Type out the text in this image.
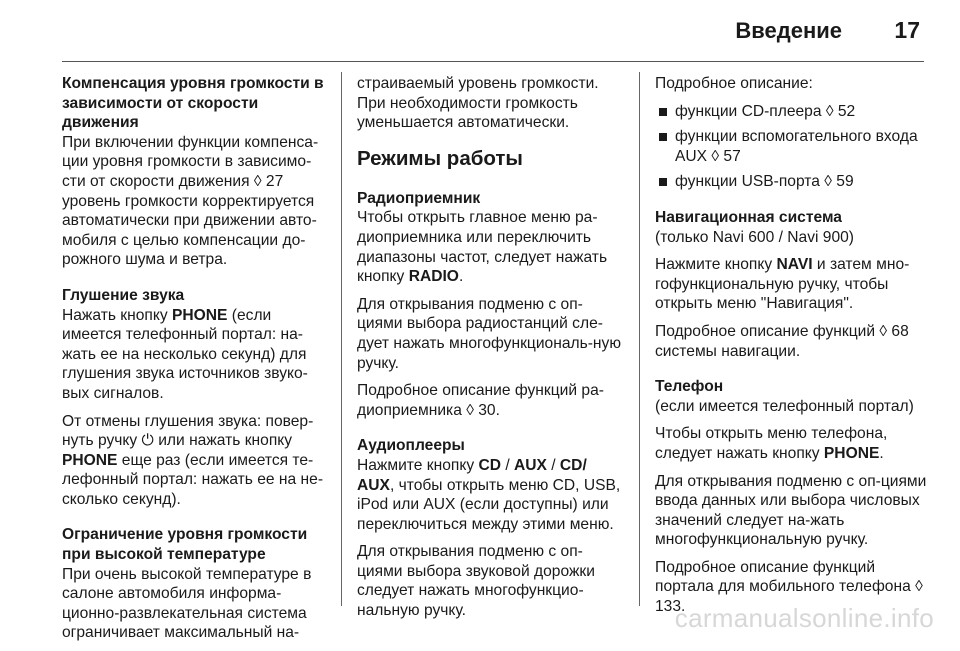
Введение 17
Компенсация уровня громкости в зависимости от скорости движения

При включении функции компенса-ции уровня громкости в зависимо-сти от скорости движения ◊ 27 уровень громкости корректируется автоматически при движении авто-мобиля с целью компенсации до-рожного шума и ветра.

Глушение звука

Нажать кнопку PHONE (если имеется телефонный портал: на-жать ее на несколько секунд) для глушения звука источников звуко-вых сигналов.

От отмены глушения звука: повер-нуть ручку ⏻ или нажать кнопку PHONE еще раз (если имеется те-лефонный портал: нажать ее на не-сколько секунд).

Ограничение уровня громкости при высокой температуре

При очень высокой температуре в салоне автомобиля информа-ционно-развлекательная система ограничивает максимальный на-

страиваемый уровень громкости. При необходимости громкость уменьшается автоматически.

Режимы работы
Радиоприемник

Чтобы открыть главное меню ра-диоприемника или переключить диапазоны частот, следует нажать кнопку RADIO.

Для открывания подменю с оп-циями выбора радиостанций сле-дует нажать многофункциональ-ную ручку.

Подробное описание функций ра-диоприемника ◊ 30.

Аудиоплееры

Нажмите кнопку CD / AUX / CD/ AUX, чтобы открыть меню CD, USB, iPod или AUX (если доступны) или переключиться между этими меню.

Для открывания подменю с оп-циями выбора звуковой дорожки следует нажать многофункцио-нальную ручку.

Подробное описание:

функции CD-плеера ◊ 52
функции вспомогательного входа AUX ◊ 57
функции USB-порта ◊ 59
Навигационная система

(только Navi 600 / Navi 900)

Нажмите кнопку NAVI и затем мно-гофункциональную ручку, чтобы открыть меню "Навигация".

Подробное описание функций ◊ 68 системы навигации.

Телефон

(если имеется телефонный портал)

Чтобы открыть меню телефона, следует нажать кнопку PHONE.

Для открывания подменю с оп-циями ввода данных или выбора числовых значений следует на-жать многофункциональную ручку.

Подробное описание функций портала для мобильного телефона ◊ 133.

carmanualsonline.info
